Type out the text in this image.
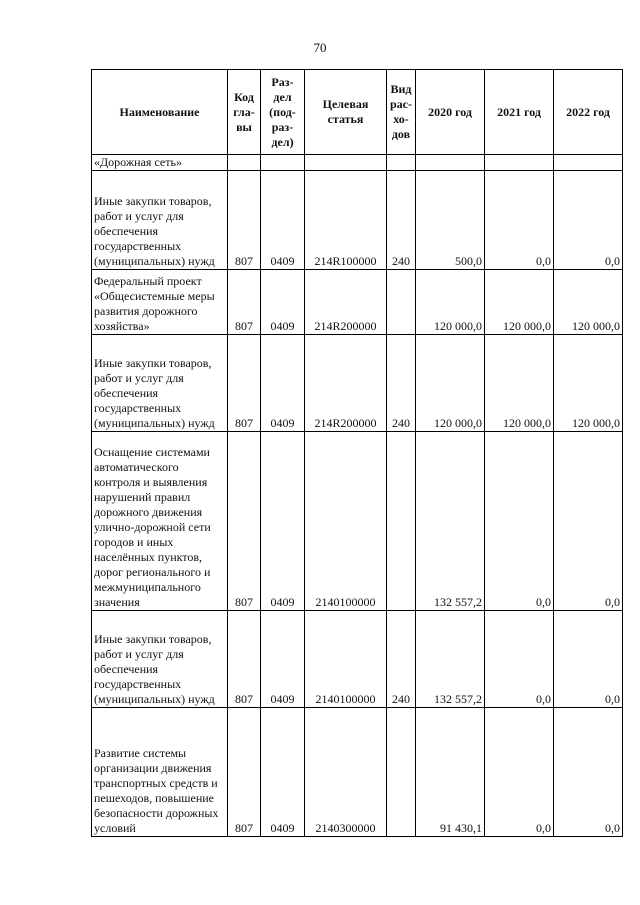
70
Наименование	Код гла- вы	Раз- дел (под- раз- дел)	Целевая статья	Вид рас- хо- дов	2020 год	2021 год	2022 год
«Дорожная сеть»							
Иные закупки товаров, работ и услуг для обеспечения государственных (муниципальных) нужд	807	0409	214R100000	240	500,0	0,0	0,0
Федеральный проект «Общесистемные меры развития дорожного хозяйства»	807	0409	214R200000		120 000,0	120 000,0	120 000,0
Иные закупки товаров, работ и услуг для обеспечения государственных (муниципальных) нужд	807	0409	214R200000	240	120 000,0	120 000,0	120 000,0
Оснащение системами автоматического контроля и выявления нарушений правил дорожного движения улично-дорожной сети городов и иных населённых пунктов, дорог регионального и межмуниципального значения	807	0409	2140100000		132 557,2	0,0	0,0
Иные закупки товаров, работ и услуг для обеспечения государственных (муниципальных) нужд	807	0409	2140100000	240	132 557,2	0,0	0,0
Развитие системы организации движения транспортных средств и пешеходов, повышение безопасности дорожных условий	807	0409	2140300000		91 430,1	0,0	0,0
